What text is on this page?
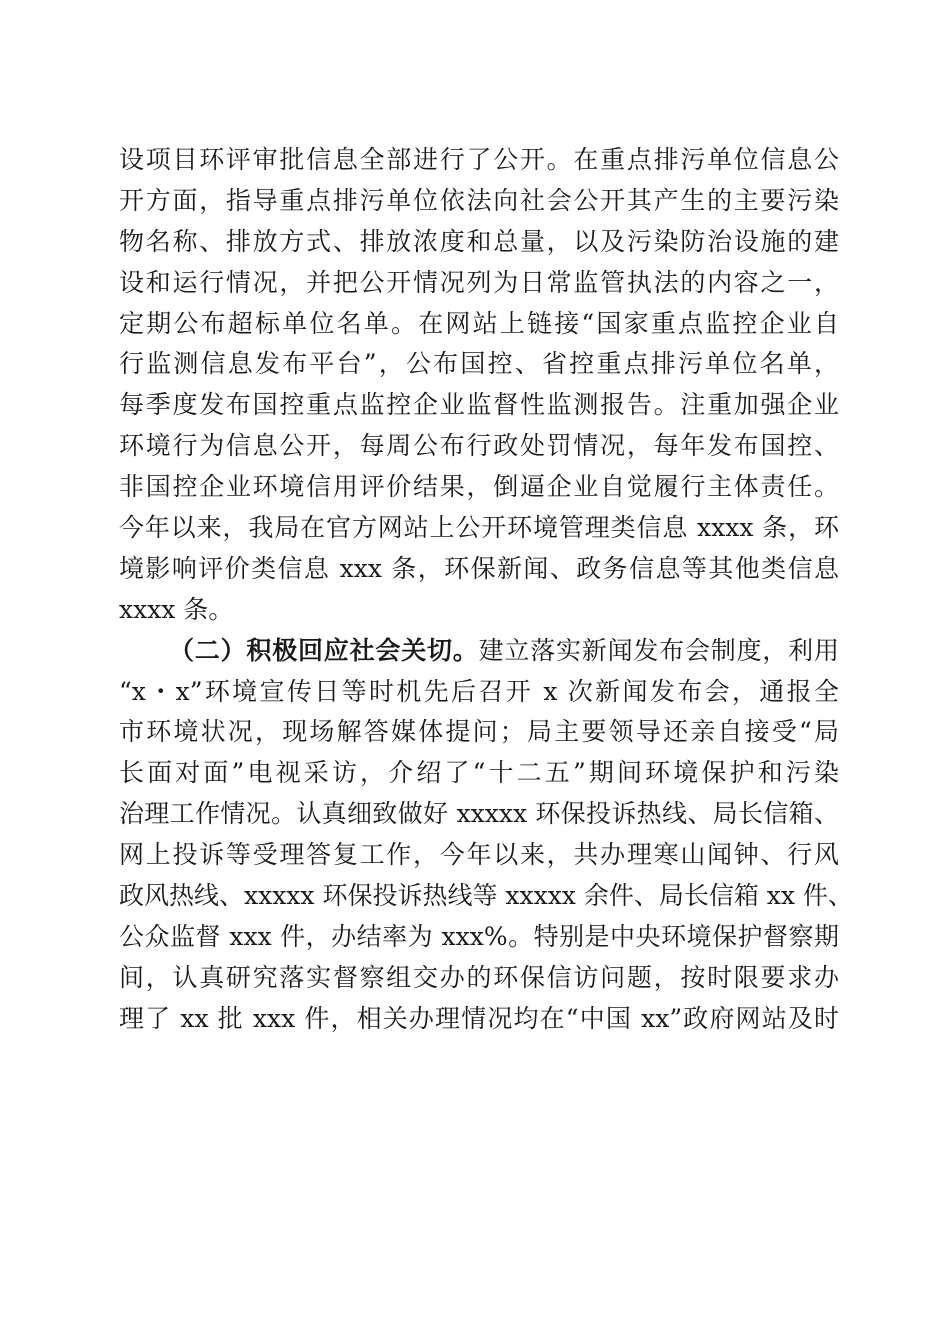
设项目环评审批信息全部进行了公开。在重点排污单位信息公
开方面，指导重点排污单位依法向社会公开其产生的主要污染
物名称、排放方式、排放浓度和总量，以及污染防治设施的建
设和运行情况，并把公开情况列为日常监管执法的内容之一，
定期公布超标单位名单。在网站上链接“国家重点监控企业自
行监测信息发布平台”，公布国控、省控重点排污单位名单，
每季度发布国控重点监控企业监督性监测报告。注重加强企业
环境行为信息公开，每周公布行政处罚情况，每年发布国控、
非国控企业环境信用评价结果，倒逼企业自觉履行主体责任。
今年以来，我局在官方网站上公开环境管理类信息 xxxx 条，环
境影响评价类信息 xxx 条，环保新闻、政务信息等其他类信息
xxxx 条。
（二）积极回应社会关切。建立落实新闻发布会制度，利用
“x・x”环境宣传日等时机先后召开 x 次新闻发布会，通报全
市环境状况，现场解答媒体提问；局主要领导还亲自接受“局
长面对面”电视采访，介绍了“十二五”期间环境保护和污染
治理工作情况。认真细致做好 xxxxx 环保投诉热线、局长信箱、
网上投诉等受理答复工作，今年以来，共办理寒山闻钟、行风
政风热线、xxxxx 环保投诉热线等 xxxxx 余件、局长信箱 xx 件、
公众监督 xxx 件，办结率为 xxx%。特别是中央环境保护督察期
间，认真研究落实督察组交办的环保信访问题，按时限要求办
理了 xx 批 xxx 件，相关办理情况均在“中国 xx”政府网站及时
